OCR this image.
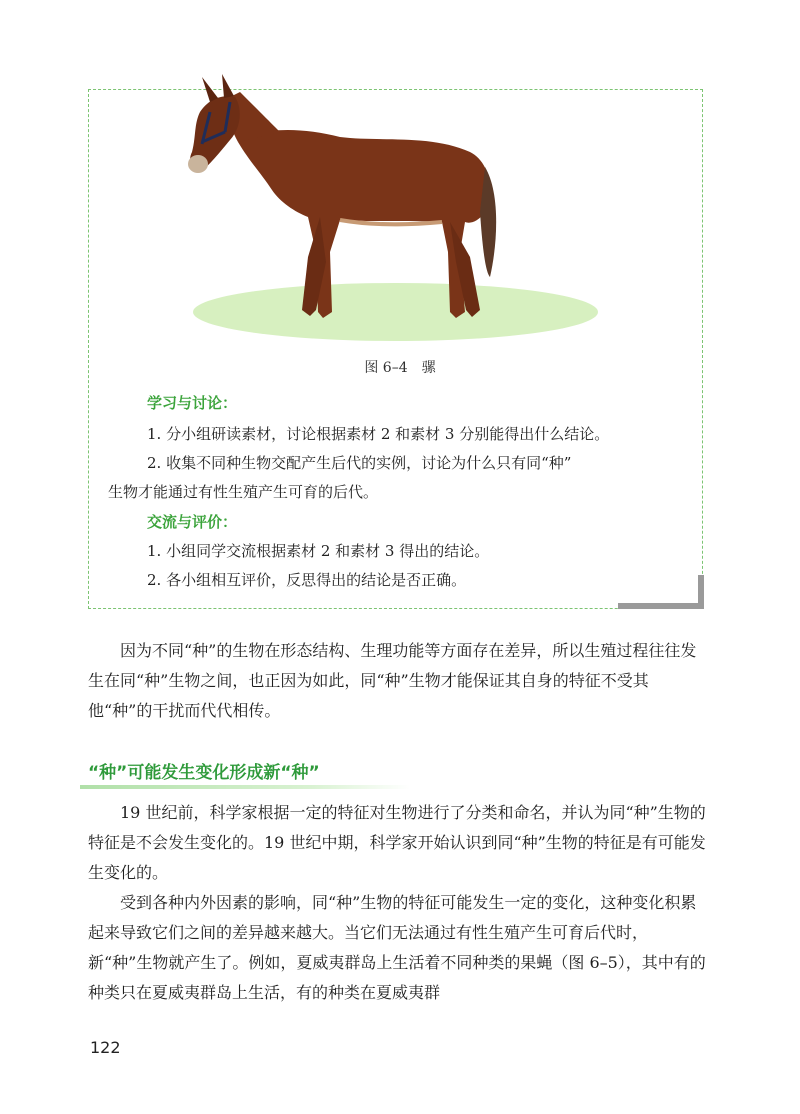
图 6–4　骡
学习与讨论：
1. 分小组研读素材，讨论根据素材 2 和素材 3 分别能得出什么结论。
2. 收集不同种生物交配产生后代的实例，讨论为什么只有同“种”
生物才能通过有性生殖产生可育的后代。
交流与评价：
1. 小组同学交流根据素材 2 和素材 3 得出的结论。
2. 各小组相互评价，反思得出的结论是否正确。
因为不同“种”的生物在形态结构、生理功能等方面存在差异，所以生殖过程往往发生在同“种”生物之间，也正因为如此，同“种”生物才能保证其自身的特征不受其他“种”的干扰而代代相传。
“种”可能发生变化形成新“种”
19 世纪前，科学家根据一定的特征对生物进行了分类和命名，并认为同“种”生物的特征是不会发生变化的。19 世纪中期，科学家开始认识到同“种”生物的特征是有可能发生变化的。
受到各种内外因素的影响，同“种”生物的特征可能发生一定的变化，这种变化积累起来导致它们之间的差异越来越大。当它们无法通过有性生殖产生可育后代时，新“种”生物就产生了。例如，夏威夷群岛上生活着不同种类的果蝇（图 6–5），其中有的种类只在夏威夷群岛上生活，有的种类在夏威夷群
122
